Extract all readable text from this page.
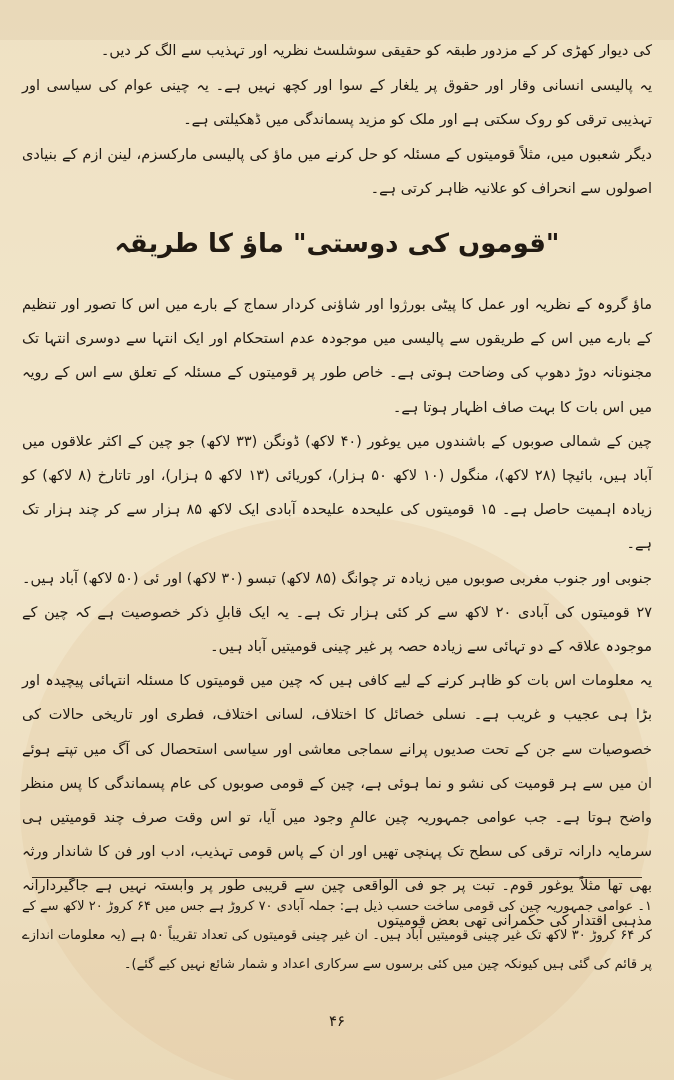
کی دیوار کھڑی کر کے مزدور طبقہ کو حقیقی سوشلسٹ نظریہ اور تہذیب سے الگ کر دیں۔

یہ پالیسی انسانی وقار اور حقوق پر یلغار کے سوا اور کچھ نہیں ہے۔ یہ چینی عوام کی سیاسی اور تہذیبی ترقی کو روک سکتی ہے اور ملک کو مزید پسماندگی میں ڈھکیلتی ہے۔

دیگر شعبوں میں، مثلاً قومیتوں کے مسئلہ کو حل کرنے میں ماؤ کی پالیسی مارکسزم، لینن ازم کے بنیادی اصولوں سے انحراف کو علانیہ ظاہر کرتی ہے۔

"قوموں کی دوستی" ماؤ کا طریقہ

ماؤ گروہ کے نظریہ اور عمل کا پیٹی بورژوا اور شاؤنی کردار سماج کے بارے میں اس کا تصور اور تنظیم کے بارے میں اس کے طریقوں سے پالیسی میں موجودہ عدم استحکام اور ایک انتہا سے دوسری انتہا تک مجنونانہ دوڑ دھوپ کی وضاحت ہوتی ہے۔ خاص طور پر قومیتوں کے مسئلہ کے تعلق سے اس کے رویہ میں اس بات کا بہت صاف اظہار ہوتا ہے۔

چین کے شمالی صوبوں کے باشندوں میں یوغور (۴۰ لاکھ) ڈونگن (۳۳ لاکھ) جو چین کے اکثر علاقوں میں آباد ہیں، بائیچا (۲۸ لاکھ)، منگول (۱۰ لاکھ ۵۰ ہزار)، کوریائی (۱۳ لاکھ ۵ ہزار)، اور تاتارخ (۸ لاکھ) کو زیادہ اہمیت حاصل ہے۔ ۱۵ قومیتوں کی علیحدہ علیحدہ آبادی ایک لاکھ ۸۵ ہزار سے کر چند ہزار تک ہے۔

جنوبی اور جنوب مغربی صوبوں میں زیادہ تر چوانگ (۸۵ لاکھ) تبسو (۳۰ لاکھ) اور ئی (۵۰ لاکھ) آباد ہیں۔ ۲۷ قومیتوں کی آبادی ۲۰ لاکھ سے کر کئی ہزار تک ہے۔ یہ ایک قابلِ ذکر خصوصیت ہے کہ چین کے موجودہ علاقہ کے دو تہائی سے زیادہ حصہ پر غیر چینی قومیتیں آباد ہیں۔

یہ معلومات اس بات کو ظاہر کرنے کے لیے کافی ہیں کہ چین میں قومیتوں کا مسئلہ انتہائی پیچیدہ اور بڑا ہی عجیب و غریب ہے۔ نسلی خصائل کا اختلاف، لسانی اختلاف، فطری اور تاریخی حالات کی خصوصیات سے جن کے تحت صدیوں پرانے سماجی معاشی اور سیاسی استحصال کی آگ میں تپتے ہوئے ان میں سے ہر قومیت کی نشو و نما ہوئی ہے، چین کے قومی صوبوں کی عام پسماندگی کا پس منظر واضح ہوتا ہے۔ جب عوامی جمہوریہ چین عالمِ وجود میں آیا، تو اس وقت صرف چند قومیتیں ہی سرمایہ دارانہ ترقی کی سطح تک پہنچی تھیں اور ان کے پاس قومی تہذیب، ادب اور فن کا شاندار ورثہ بھی تھا مثلاً یوغور قوم۔ تبت پر جو فی الواقعی چین سے قریبی طور پر وابستہ نہیں ہے جاگیردارانہ مذہبی اقتدار کی حکمرانی تھی بعض قومیتوں

۱۔ عوامی جمہوریہ چین کی قومی ساخت حسب ذیل ہے: جملہ آبادی ۷۰ کروڑ ہے جس میں ۶۴ کروڑ ۲۰ لاکھ سے کے کر ۶۴ کروڑ ۳۰ لاکھ تک غیر چینی قومیتیں آباد ہیں۔ ان غیر چینی قومیتوں کی تعداد تقریباً ۵۰ ہے (یہ معلومات اندازے پر قائم کی گئی ہیں کیونکہ چین میں کئی برسوں سے سرکاری اعداد و شمار شائع نہیں کیے گئے)۔

۴۶
